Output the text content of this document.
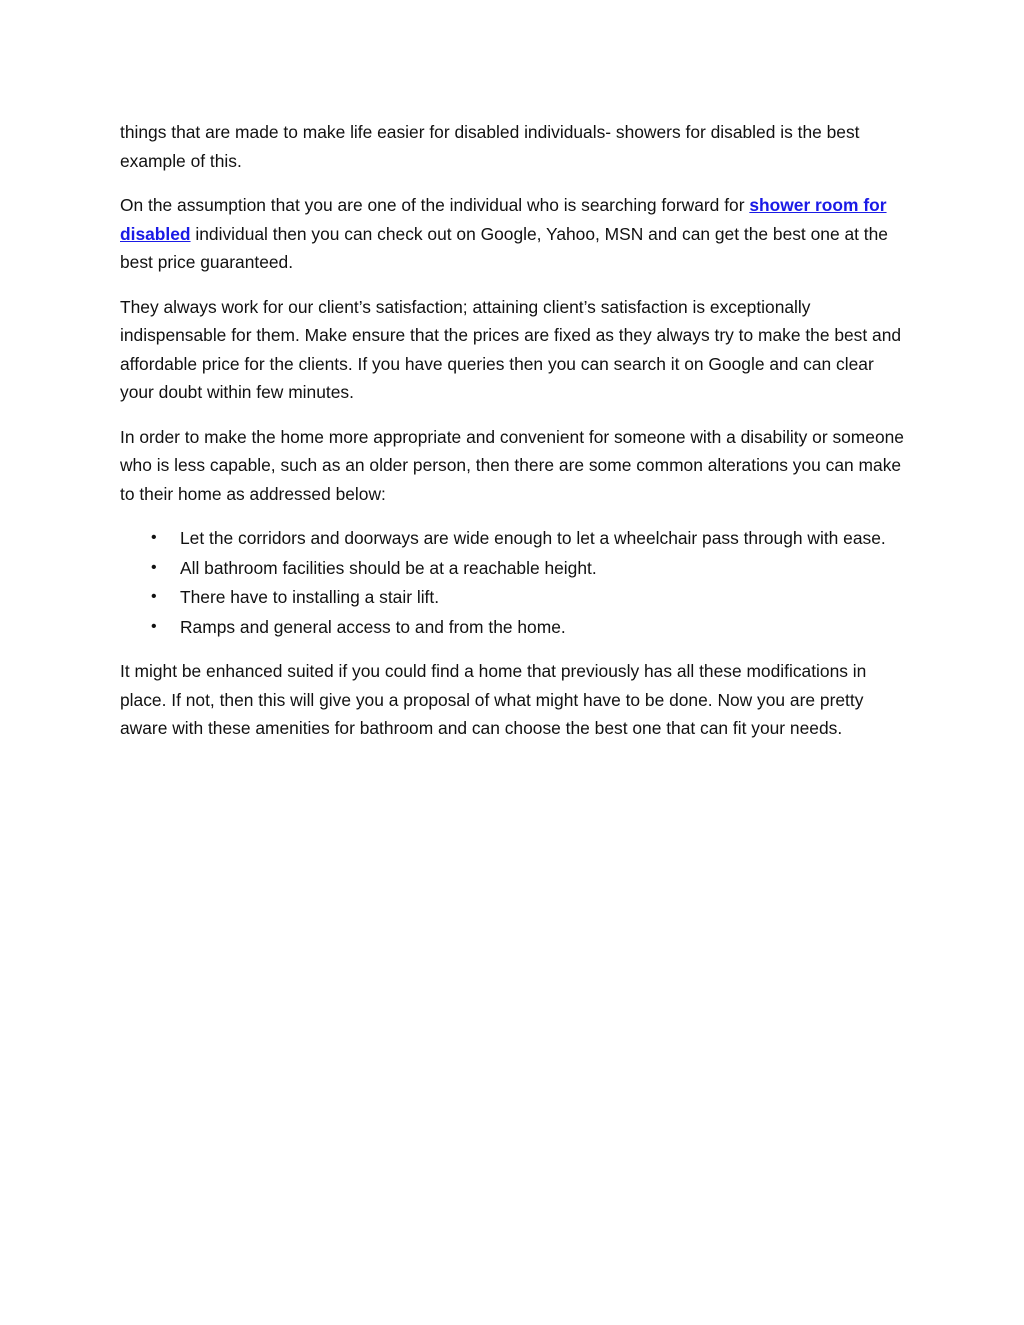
things that are made to make life easier for disabled individuals- showers for disabled is the best example of this.

On the assumption that you are one of the individual who is searching forward for shower room for disabled individual then you can check out on Google, Yahoo, MSN and can get the best one at the best price guaranteed.

They always work for our client’s satisfaction; attaining client’s satisfaction is exceptionally indispensable for them. Make ensure that the prices are fixed as they always try to make the best and affordable price for the clients. If you have queries then you can search it on Google and can clear your doubt within few minutes.

In order to make the home more appropriate and convenient for someone with a disability or someone who is less capable, such as an older person, then there are some common alterations you can make to their home as addressed below:

• Let the corridors and doorways are wide enough to let a wheelchair pass through with ease.
• All bathroom facilities should be at a reachable height.
• There have to installing a stair lift.
• Ramps and general access to and from the home.

It might be enhanced suited if you could find a home that previously has all these modifications in place. If not, then this will give you a proposal of what might have to be done. Now you are pretty aware with these amenities for bathroom and can choose the best one that can fit your needs.
